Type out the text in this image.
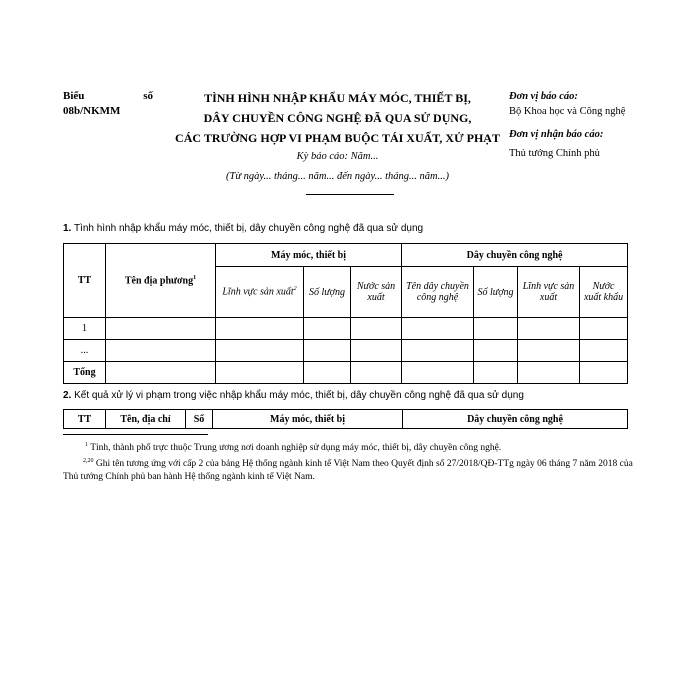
Biểu	số
08b/NKMM
TÌNH HÌNH NHẬP KHẨU MÁY MÓC, THIẾT BỊ,
DÂY CHUYỀN CÔNG NGHỆ ĐÃ QUA SỬ DỤNG,
CÁC TRƯỜNG HỢP VI PHẠM BUỘC TÁI XUẤT, XỬ PHẠT
Kỳ báo cáo: Năm...
(Từ ngày... tháng... năm... đến ngày... tháng... năm...)
Đơn vị báo cáo:
Bộ Khoa học và Công nghệ
Đơn vị nhận báo cáo:
Thủ tướng Chính phủ
1. Tình hình nhập khẩu máy móc, thiết bị, dây chuyền công nghệ đã qua sử dụng
TT	Tên địa phương$^1$	Máy móc, thiết bị			Dây chuyền công nghệ			
		Lĩnh vực sản xuất$^2$	Số lượng	Nước sản xuất	Tên dây chuyền công nghệ	Số lượng	Lĩnh vực sản xuất	Nước xuất khẩu
1								
...								
Tổng								
2. Kết quả xử lý vi phạm trong việc nhập khẩu máy móc, thiết bị, dây chuyền công nghệ đã qua sử dụng
TT	Tên, địa chỉ	Số	Máy móc, thiết bị	Dây chuyền công nghệ
$^1$ Tỉnh, thành phố trực thuộc Trung ương nơi doanh nghiệp sử dụng máy móc, thiết bị, dây chuyền công nghệ.
$^{2,20}$ Ghi tên tương ứng với cấp 2 của bảng Hệ thống ngành kinh tế Việt Nam theo Quyết định số 27/2018/QĐ-TTg ngày 06 tháng 7 năm 2018 của Thủ tướng Chính phủ ban hành Hệ thống ngành kinh tế Việt Nam.
